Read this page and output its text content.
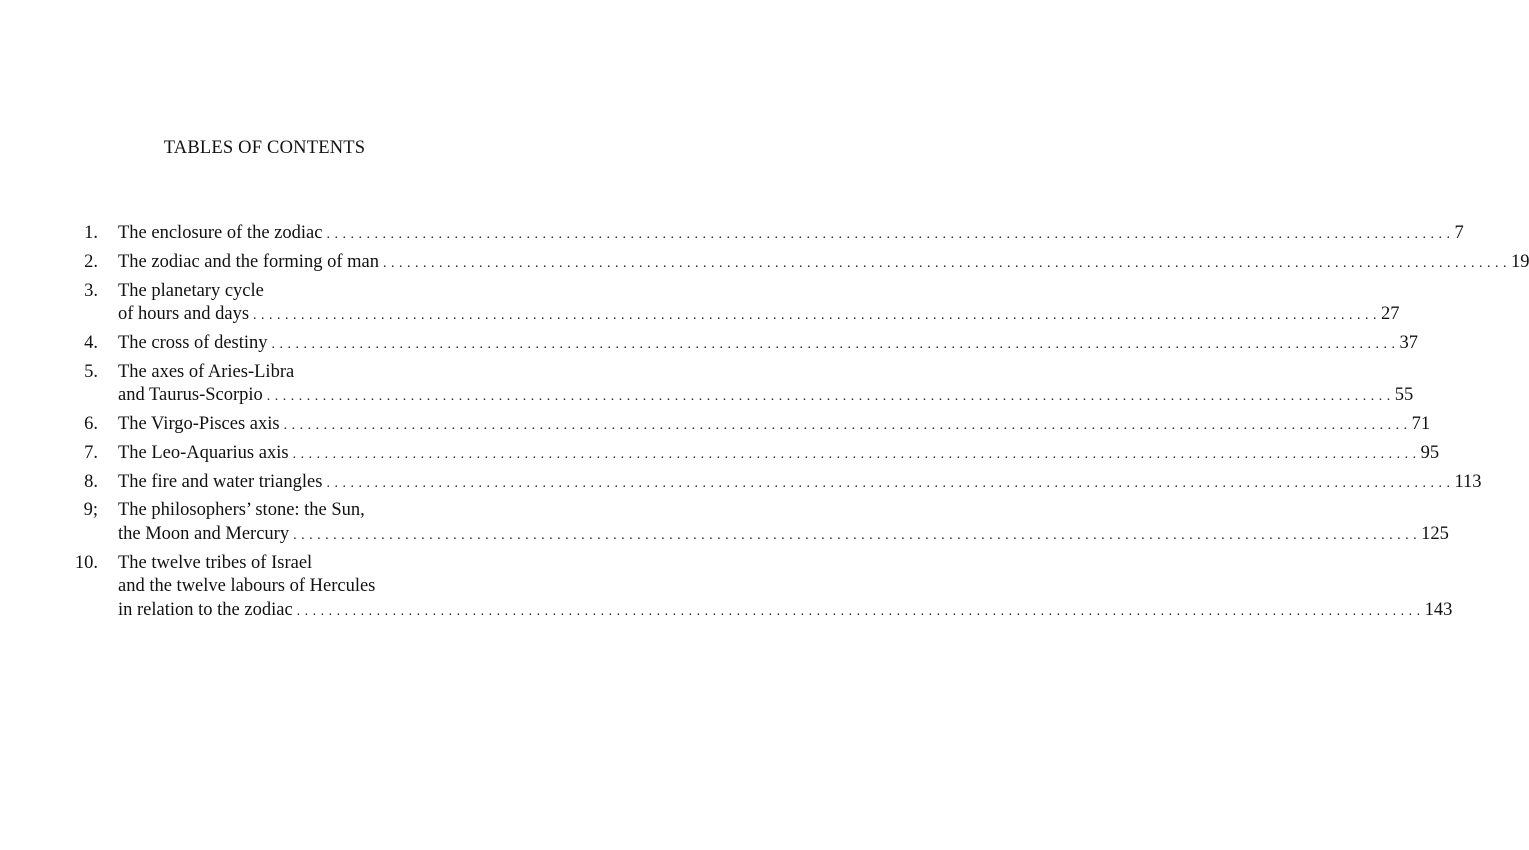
TABLES OF CONTENTS
1. The enclosure of the zodiac . . . . . . . . . . . . . . . . . . . . . . . . . . . . . . . . . . . . . . . . . . . . . . . . . . . . . . . . . . . . . . . . . . . . . . . . . . . . . . . . . . . . . . . . . . . . . . . . . . . . . . . . . . . . . . . . . . . . . . . . . . . . . . . . . . . . . . . . . . . . . 7
2. The zodiac and the forming of man . . . . . . . . . . . . . . . . . . . . . . . . . . . . . . . . . . . . . . . . . . . . . . . . . . . . . . . . . . . . . . . . . . . . . . . . . . . . . . . . . . . . . . . . . . . . . . . . . . . . . . . . . . . . . . . . . . . . . . . . . . . . . . . . . . . . . . . . . . . . . 19
3. The planetary cycle
of hours and days . . . . . . . . . . . . . . . . . . . . . . . . . . . . . . . . . . . . . . . . . . . . . . . . . . . . . . . . . . . . . . . . . . . . . . . . . . . . . . . . . . . . . . . . . . . . . . . . . . . . . . . . . . . . . . . . . . . . . . . . . . . . . . . . . . . . . . . . . . . . . 27
4. The cross of destiny . . . . . . . . . . . . . . . . . . . . . . . . . . . . . . . . . . . . . . . . . . . . . . . . . . . . . . . . . . . . . . . . . . . . . . . . . . . . . . . . . . . . . . . . . . . . . . . . . . . . . . . . . . . . . . . . . . . . . . . . . . . . . . . . . . . . . . . . . . . . . 37
5. The axes of Aries-Libra
and Taurus-Scorpio . . . . . . . . . . . . . . . . . . . . . . . . . . . . . . . . . . . . . . . . . . . . . . . . . . . . . . . . . . . . . . . . . . . . . . . . . . . . . . . . . . . . . . . . . . . . . . . . . . . . . . . . . . . . . . . . . . . . . . . . . . . . . . . . . . . . . . . . . . . . . 55
6. The Virgo-Pisces axis . . . . . . . . . . . . . . . . . . . . . . . . . . . . . . . . . . . . . . . . . . . . . . . . . . . . . . . . . . . . . . . . . . . . . . . . . . . . . . . . . . . . . . . . . . . . . . . . . . . . . . . . . . . . . . . . . . . . . . . . . . . . . . . . . . . . . . . . . . . . . 71
7. The Leo-Aquarius axis . . . . . . . . . . . . . . . . . . . . . . . . . . . . . . . . . . . . . . . . . . . . . . . . . . . . . . . . . . . . . . . . . . . . . . . . . . . . . . . . . . . . . . . . . . . . . . . . . . . . . . . . . . . . . . . . . . . . . . . . . . . . . . . . . . . . . . . . . . . . . 95
8. The fire and water triangles . . . . . . . . . . . . . . . . . . . . . . . . . . . . . . . . . . . . . . . . . . . . . . . . . . . . . . . . . . . . . . . . . . . . . . . . . . . . . . . . . . . . . . . . . . . . . . . . . . . . . . . . . . . . . . . . . . . . . . . . . . . . . . . . . . . . . . . . . . . . . 113
9; The philosophers’ stone: the Sun,
the Moon and Mercury . . . . . . . . . . . . . . . . . . . . . . . . . . . . . . . . . . . . . . . . . . . . . . . . . . . . . . . . . . . . . . . . . . . . . . . . . . . . . . . . . . . . . . . . . . . . . . . . . . . . . . . . . . . . . . . . . . . . . . . . . . . . . . . . . . . . . . . . . . . . . 125
10. The twelve tribes of Israel
and the twelve labours of Hercules
in relation to the zodiac . . . . . . . . . . . . . . . . . . . . . . . . . . . . . . . . . . . . . . . . . . . . . . . . . . . . . . . . . . . . . . . . . . . . . . . . . . . . . . . . . . . . . . . . . . . . . . . . . . . . . . . . . . . . . . . . . . . . . . . . . . . . . . . . . . . . . . . . . . . . . 143
